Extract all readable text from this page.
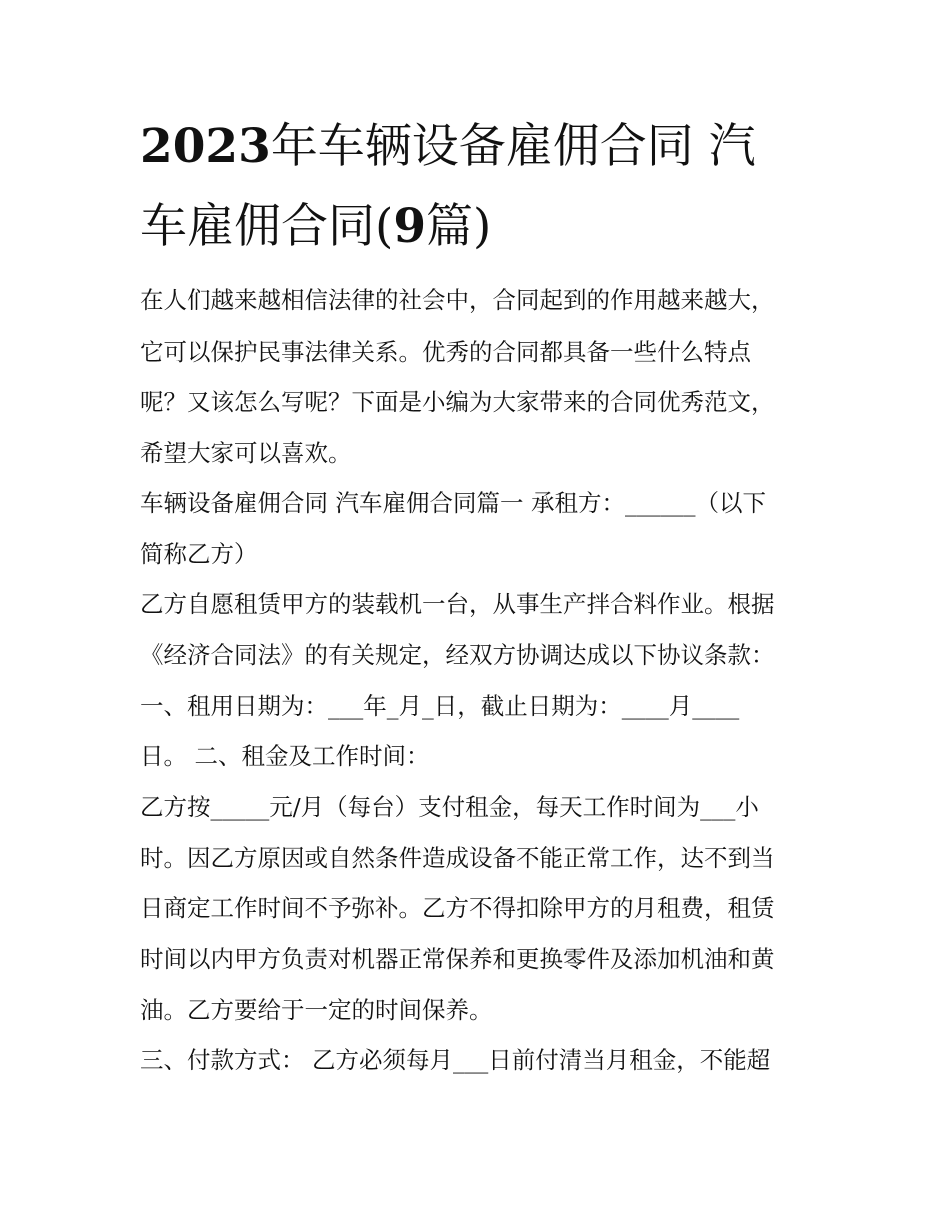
2023年车辆设备雇佣合同 汽
车雇佣合同(9篇)
在人们越来越相信法律的社会中，合同起到的作用越来越大，
它可以保护民事法律关系。优秀的合同都具备一些什么特点
呢？又该怎么写呢？下面是小编为大家带来的合同优秀范文，
希望大家可以喜欢。
车辆设备雇佣合同 汽车雇佣合同篇一 承租方：______（以下
简称乙方）
乙方自愿租赁甲方的装载机一台，从事生产拌合料作业。根据
《经济合同法》的有关规定，经双方协调达成以下协议条款：
一、租用日期为：___年_月_日，截止日期为：____月____
日。 二、租金及工作时间：
乙方按_____元/月（每台）支付租金，每天工作时间为___小
时。因乙方原因或自然条件造成设备不能正常工作，达不到当
日商定工作时间不予弥补。乙方不得扣除甲方的月租费，租赁
时间以内甲方负责对机器正常保养和更换零件及添加机油和黄
油。乙方要给于一定的时间保养。
三、付款方式： 乙方必须每月___日前付清当月租金，不能超
